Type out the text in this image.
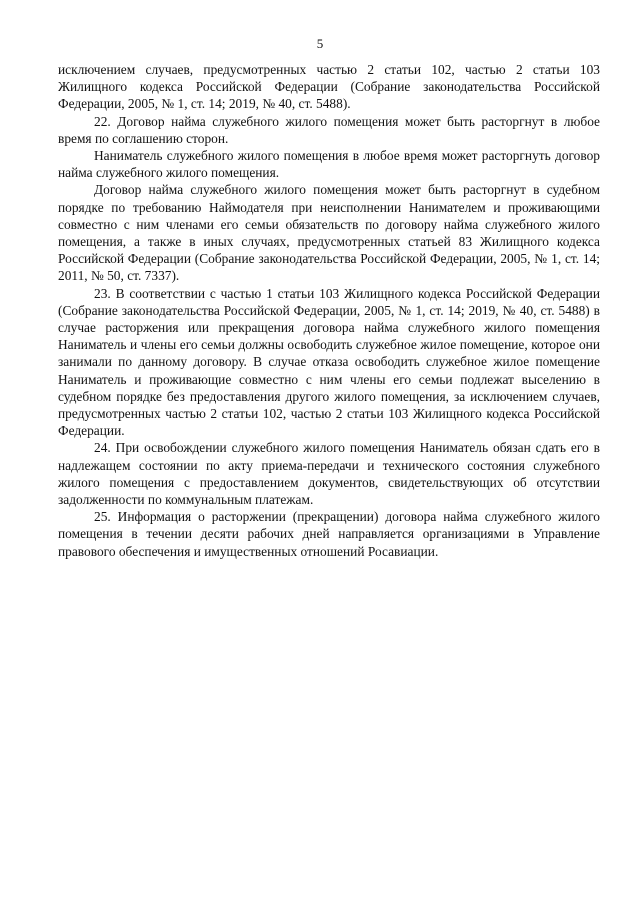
5

исключением случаев, предусмотренных частью 2 статьи 102, частью 2 статьи 103 Жилищного кодекса Российской Федерации (Собрание законодательства Российской Федерации, 2005, № 1, ст. 14; 2019, № 40, ст. 5488).

22. Договор найма служебного жилого помещения может быть расторгнут в любое время по соглашению сторон.

Наниматель служебного жилого помещения в любое время может расторгнуть договор найма служебного жилого помещения.

Договор найма служебного жилого помещения может быть расторгнут в судебном порядке по требованию Наймодателя при неисполнении Нанимателем и проживающими совместно с ним членами его семьи обязательств по договору найма служебного жилого помещения, а также в иных случаях, предусмотренных статьей 83 Жилищного кодекса Российской Федерации (Собрание законодательства Российской Федерации, 2005, № 1, ст. 14; 2011, № 50, ст. 7337).

23. В соответствии с частью 1 статьи 103 Жилищного кодекса Российской Федерации (Собрание законодательства Российской Федерации, 2005, № 1, ст. 14; 2019, № 40, ст. 5488) в случае расторжения или прекращения договора найма служебного жилого помещения Наниматель и члены его семьи должны освободить служебное жилое помещение, которое они занимали по данному договору. В случае отказа освободить служебное жилое помещение Наниматель и проживающие совместно с ним члены его семьи подлежат выселению в судебном порядке без предоставления другого жилого помещения, за исключением случаев, предусмотренных частью 2 статьи 102, частью 2 статьи 103 Жилищного кодекса Российской Федерации.

24. При освобождении служебного жилого помещения Наниматель обязан сдать его в надлежащем состоянии по акту приема-передачи и технического состояния служебного жилого помещения с предоставлением документов, свидетельствующих об отсутствии задолженности по коммунальным платежам.

25. Информация о расторжении (прекращении) договора найма служебного жилого помещения в течении десяти рабочих дней направляется организациями в Управление правового обеспечения и имущественных отношений Росавиации.
